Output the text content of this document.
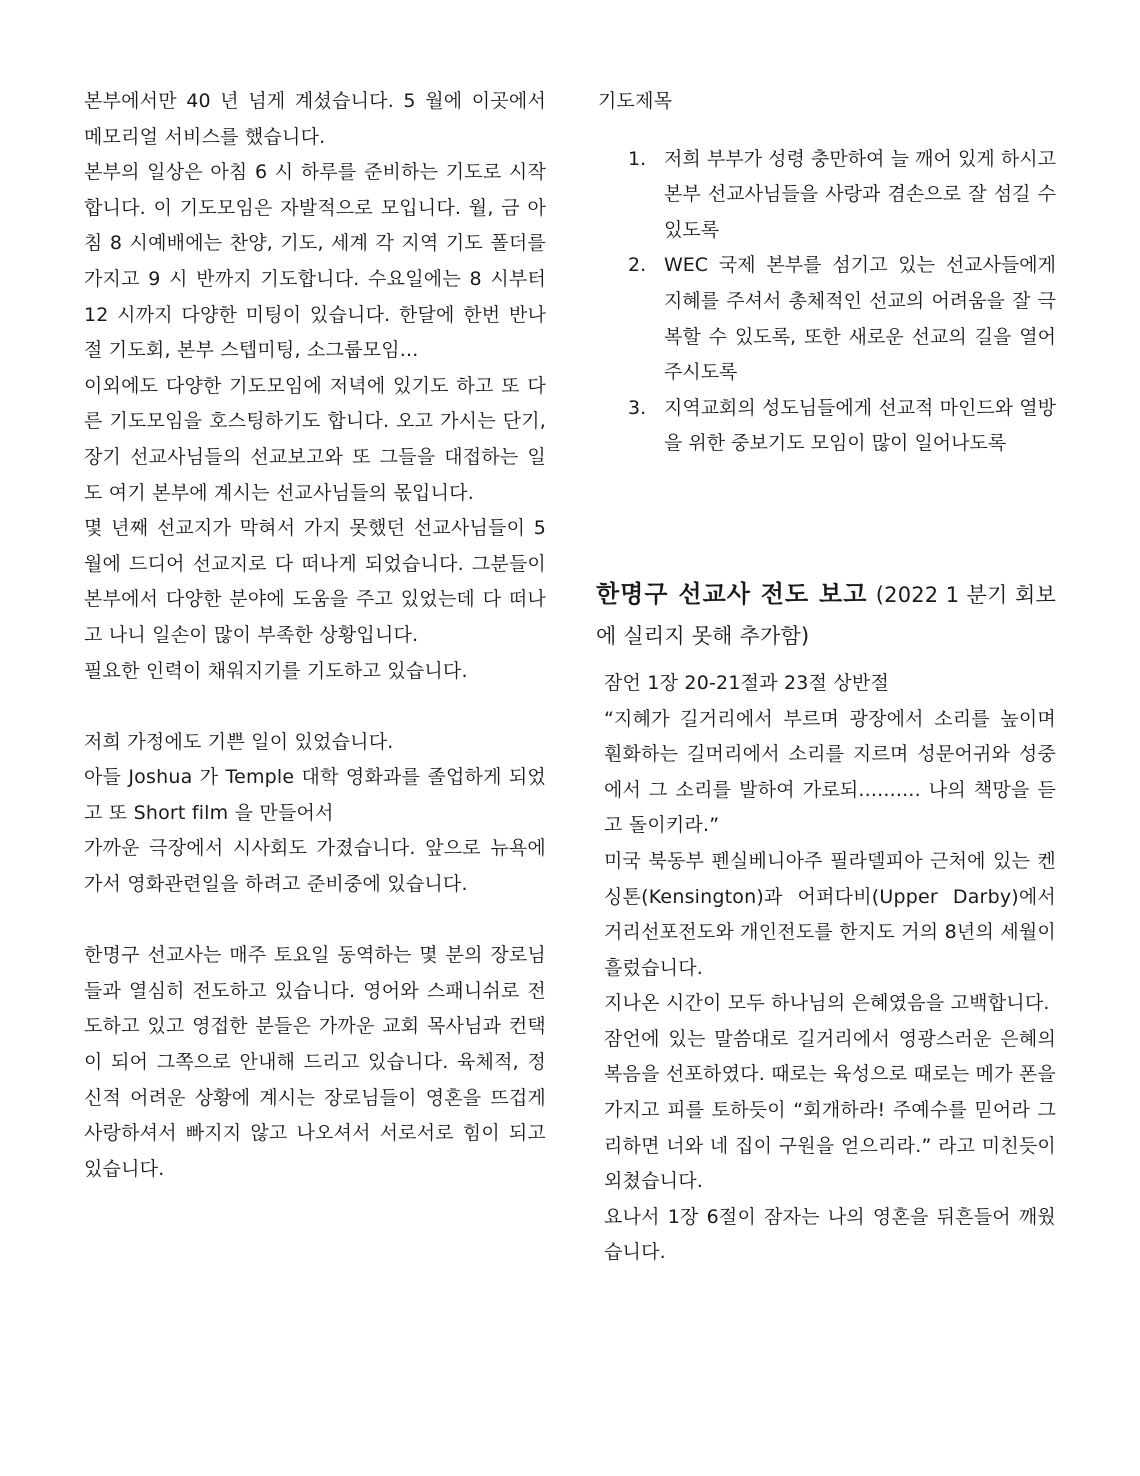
본부에서만 40 년 넘게 계셨습니다. 5 월에 이곳에서 메모리얼 서비스를 했습니다.

본부의 일상은 아침 6 시 하루를 준비하는 기도로 시작합니다. 이 기도모임은 자발적으로 모입니다. 월, 금 아침 8 시예배에는 찬양, 기도, 세계 각 지역 기도 폴더를 가지고 9 시 반까지 기도합니다. 수요일에는 8 시부터 12 시까지 다양한 미팅이 있습니다. 한달에 한번 반나절 기도회, 본부 스텝미팅, 소그룹모임...

이외에도 다양한 기도모임에 저녁에 있기도 하고 또 다른 기도모임을 호스팅하기도 합니다. 오고 가시는 단기, 장기 선교사님들의 선교보고와 또 그들을 대접하는 일도 여기 본부에 계시는 선교사님들의 몫입니다.

몇 년째 선교지가 막혀서 가지 못했던 선교사님들이 5 월에 드디어 선교지로 다 떠나게 되었습니다. 그분들이 본부에서 다양한 분야에 도움을 주고 있었는데 다 떠나고 나니 일손이 많이 부족한 상황입니다.

필요한 인력이 채워지기를 기도하고 있습니다.

저희 가정에도 기쁜 일이 있었습니다.

아들 Joshua 가 Temple 대학 영화과를 졸업하게 되었고 또 Short film 을 만들어서

가까운 극장에서 시사회도 가졌습니다. 앞으로 뉴욕에 가서 영화관련일을 하려고 준비중에 있습니다.

한명구 선교사는 매주 토요일 동역하는 몇 분의 장로님들과 열심히 전도하고 있습니다. 영어와 스패니쉬로 전도하고 있고 영접한 분들은 가까운 교회 목사님과 컨택이 되어 그쪽으로 안내해 드리고 있습니다. 육체적, 정신적 어려운 상황에 계시는 장로님들이 영혼을 뜨겁게 사랑하셔서 빠지지 않고 나오셔서 서로서로 힘이 되고 있습니다.

기도제목

1. 저희 부부가 성령 충만하여 늘 깨어 있게 하시고 본부 선교사님들을 사랑과 겸손으로 잘 섬길 수 있도록
2. WEC 국제 본부를 섬기고 있는 선교사들에게 지혜를 주셔서 총체적인 선교의 어려움을 잘 극복할 수 있도록, 또한 새로운 선교의 길을 열어 주시도록
3. 지역교회의 성도님들에게 선교적 마인드와 열방을 위한 중보기도 모임이 많이 일어나도록

한명구 선교사 전도 보고 (2022 1 분기 회보에 실리지 못해 추가함)

잠언 1장 20-21절과 23절 상반절

“지혜가 길거리에서 부르며 광장에서 소리를 높이며 훤화하는 길머리에서 소리를 지르며 성문어귀와 성중에서 그 소리를 발하여 가로되.......... 나의 책망을 듣고 돌이키라.”

미국 북동부 펜실베니아주 필라델피아 근처에 있는 켄싱톤(Kensington)과 어퍼다비(Upper Darby)에서 거리선포전도와 개인전도를 한지도 거의 8년의 세월이 흘렀습니다.

지나온 시간이 모두 하나님의 은혜였음을 고백합니다.

잠언에 있는 말씀대로 길거리에서 영광스러운 은혜의 복음을 선포하였다. 때로는 육성으로 때로는 메가 폰을 가지고 피를 토하듯이 “회개하라! 주예수를 믿어라 그리하면 너와 네 집이 구원을 얻으리라.” 라고 미친듯이 외쳤습니다.

요나서 1장 6절이 잠자는 나의 영혼을 뒤흔들어 깨웠습니다.
